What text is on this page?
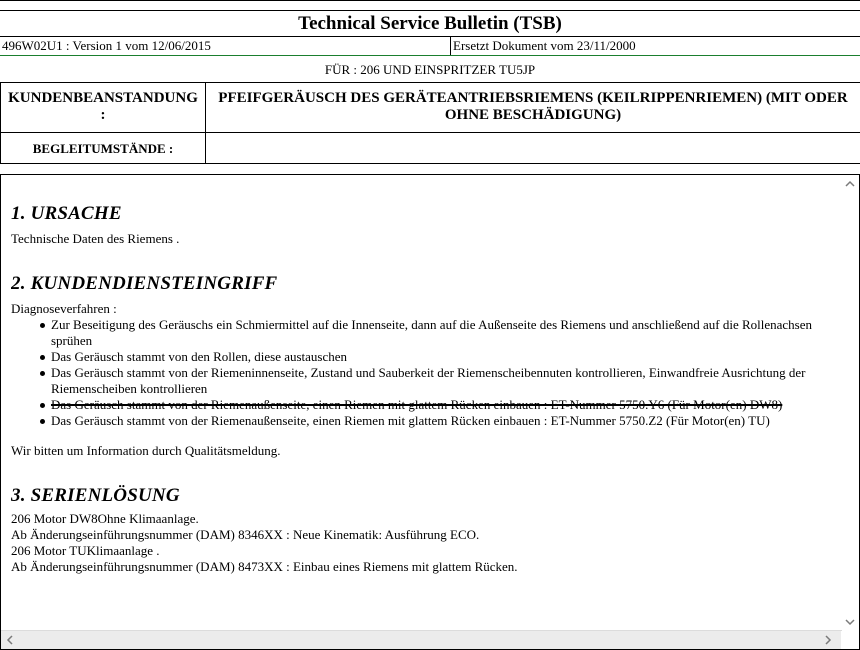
Technical Service Bulletin (TSB)
496W02U1 : Version 1 vom 12/06/2015	Ersetzt Dokument vom 23/11/2000
FÜR : 206 UND EINSPRITZER TU5JP
KUNDENBEANSTANDUNG
:
PFEIFGERÄUSCH DES GERÄTEANTRIEBSRIEMENS (KEILRIPPENRIEMEN) (MIT ODER OHNE BESCHÄDIGUNG)
BEGLEITUMSTÄNDE :
1. URSACHE

Technische Daten des Riemens .

2. KUNDENDIENSTEINGRIFF

Diagnoseverfahren :

Zur Beseitigung des Geräuschs ein Schmiermittel auf die Innenseite, dann auf die Außenseite des Riemens und anschließend auf die Rollenachsen sprühen
Das Geräusch stammt von den Rollen, diese austauschen
Das Geräusch stammt von der Riemeninnenseite, Zustand und Sauberkeit der Riemenscheibennuten kontrollieren, Einwandfreie Ausrichtung der Riemenscheiben kontrollieren
Das Geräusch stammt von der Riemenaußenseite, einen Riemen mit glattem Rücken einbauen : ET-Nummer 5750.Y6 (Für Motor(en) DW8)
Das Geräusch stammt von der Riemenaußenseite, einen Riemen mit glattem Rücken einbauen : ET-Nummer 5750.Z2 (Für Motor(en) TU)

Wir bitten um Information durch Qualitätsmeldung.

3. SERIENLÖSUNG

206 Motor DW8Ohne Klimaanlage.

Ab Änderungseinführungsnummer (DAM) 8346XX : Neue Kinematik: Ausführung ECO.

206 Motor TUKlimaanlage .

Ab Änderungseinführungsnummer (DAM) 8473XX : Einbau eines Riemens mit glattem Rücken.
